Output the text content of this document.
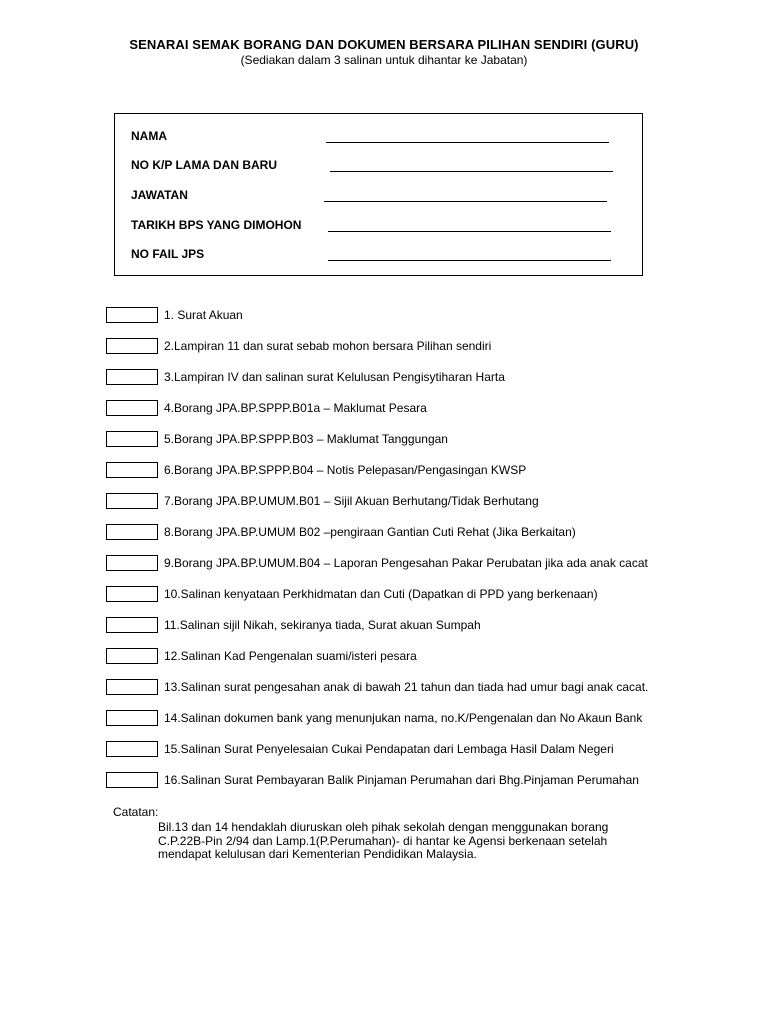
SENARAI SEMAK BORANG DAN DOKUMEN BERSARA PILIHAN SENDIRI (GURU)
(Sediakan dalam 3 salinan untuk dihantar ke Jabatan)
NAMA
NO K/P LAMA DAN BARU
JAWATAN
TARIKH BPS YANG DIMOHON
NO FAIL JPS
1. Surat Akuan
2.Lampiran 11 dan surat sebab mohon bersara Pilihan sendiri
3.Lampiran IV dan salinan surat Kelulusan Pengisytiharan Harta
4.Borang JPA.BP.SPPP.B01a – Maklumat Pesara
5.Borang JPA.BP.SPPP.B03 – Maklumat Tanggungan
6.Borang JPA.BP.SPPP.B04 – Notis Pelepasan/Pengasingan KWSP
7.Borang JPA.BP.UMUM.B01 – Sijil Akuan Berhutang/Tidak Berhutang
8.Borang JPA.BP.UMUM B02 –pengiraan Gantian Cuti Rehat (Jika Berkaitan)
9.Borang JPA.BP.UMUM.B04 – Laporan Pengesahan Pakar Perubatan jika ada anak cacat
10.Salinan kenyataan Perkhidmatan dan Cuti (Dapatkan di PPD yang berkenaan)
11.Salinan sijil Nikah, sekiranya tiada, Surat akuan Sumpah
12.Salinan Kad Pengenalan suami/isteri pesara
13.Salinan surat pengesahan anak di bawah 21 tahun dan tiada had umur bagi anak cacat.
14.Salinan dokumen bank yang menunjukan nama, no.K/Pengenalan dan No Akaun Bank
15.Salinan Surat Penyelesaian Cukai Pendapatan dari Lembaga Hasil Dalam Negeri
16.Salinan Surat Pembayaran Balik Pinjaman Perumahan dari Bhg.Pinjaman Perumahan
Catatan:
Bil.13 dan 14 hendaklah diuruskan oleh pihak sekolah dengan menggunakan borang
C.P.22B-Pin 2/94 dan Lamp.1(P.Perumahan)- di hantar ke Agensi berkenaan setelah
mendapat kelulusan dari Kementerian Pendidikan Malaysia.
